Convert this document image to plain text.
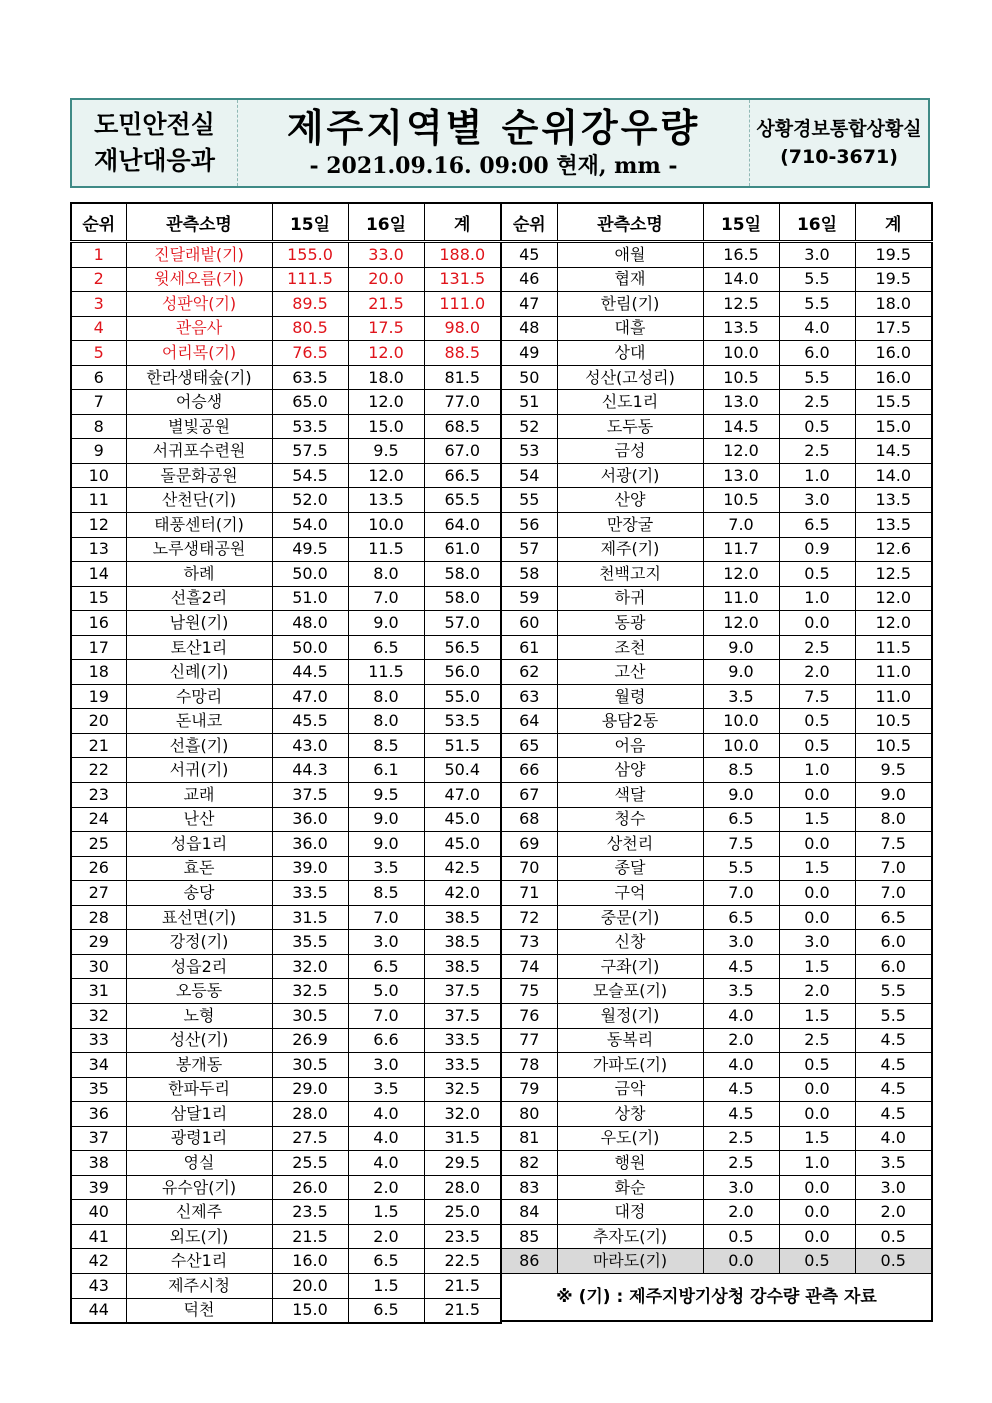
도민안전실
재난대응과
제주지역별 순위강우량
- 2021.09.16. 09:00 현재, mm -
상황경보통합상황실
(710-3671)
순위	관측소명	15일	16일	계
1	진달래밭(기)	155.0	33.0	188.0
2	윗세오름(기)	111.5	20.0	131.5
3	성판악(기)	89.5	21.5	111.0
4	관음사	80.5	17.5	98.0
5	어리목(기)	76.5	12.0	88.5
6	한라생태숲(기)	63.5	18.0	81.5
7	어승생	65.0	12.0	77.0
8	별빛공원	53.5	15.0	68.5
9	서귀포수련원	57.5	9.5	67.0
10	돌문화공원	54.5	12.0	66.5
11	산천단(기)	52.0	13.5	65.5
12	태풍센터(기)	54.0	10.0	64.0
13	노루생태공원	49.5	11.5	61.0
14	하례	50.0	8.0	58.0
15	선흘2리	51.0	7.0	58.0
16	남원(기)	48.0	9.0	57.0
17	토산1리	50.0	6.5	56.5
18	신례(기)	44.5	11.5	56.0
19	수망리	47.0	8.0	55.0
20	돈내코	45.5	8.0	53.5
21	선흘(기)	43.0	8.5	51.5
22	서귀(기)	44.3	6.1	50.4
23	교래	37.5	9.5	47.0
24	난산	36.0	9.0	45.0
25	성읍1리	36.0	9.0	45.0
26	효돈	39.0	3.5	42.5
27	송당	33.5	8.5	42.0
28	표선면(기)	31.5	7.0	38.5
29	강정(기)	35.5	3.0	38.5
30	성읍2리	32.0	6.5	38.5
31	오등동	32.5	5.0	37.5
32	노형	30.5	7.0	37.5
33	성산(기)	26.9	6.6	33.5
34	봉개동	30.5	3.0	33.5
35	한파두리	29.0	3.5	32.5
36	삼달1리	28.0	4.0	32.0
37	광령1리	27.5	4.0	31.5
38	영실	25.5	4.0	29.5
39	유수암(기)	26.0	2.0	28.0
40	신제주	23.5	1.5	25.0
41	외도(기)	21.5	2.0	23.5
42	수산1리	16.0	6.5	22.5
43	제주시청	20.0	1.5	21.5
44	덕천	15.0	6.5	21.5
순위	관측소명	15일	16일	계
45	애월	16.5	3.0	19.5
46	협재	14.0	5.5	19.5
47	한림(기)	12.5	5.5	18.0
48	대흘	13.5	4.0	17.5
49	상대	10.0	6.0	16.0
50	성산(고성리)	10.5	5.5	16.0
51	신도1리	13.0	2.5	15.5
52	도두동	14.5	0.5	15.0
53	금성	12.0	2.5	14.5
54	서광(기)	13.0	1.0	14.0
55	산양	10.5	3.0	13.5
56	만장굴	7.0	6.5	13.5
57	제주(기)	11.7	0.9	12.6
58	천백고지	12.0	0.5	12.5
59	하귀	11.0	1.0	12.0
60	동광	12.0	0.0	12.0
61	조천	9.0	2.5	11.5
62	고산	9.0	2.0	11.0
63	월령	3.5	7.5	11.0
64	용담2동	10.0	0.5	10.5
65	어음	10.0	0.5	10.5
66	삼양	8.5	1.0	9.5
67	색달	9.0	0.0	9.0
68	청수	6.5	1.5	8.0
69	상천리	7.5	0.0	7.5
70	종달	5.5	1.5	7.0
71	구억	7.0	0.0	7.0
72	중문(기)	6.5	0.0	6.5
73	신창	3.0	3.0	6.0
74	구좌(기)	4.5	1.5	6.0
75	모슬포(기)	3.5	2.0	5.5
76	월정(기)	4.0	1.5	5.5
77	동복리	2.0	2.5	4.5
78	가파도(기)	4.0	0.5	4.5
79	금악	4.5	0.0	4.5
80	상창	4.5	0.0	4.5
81	우도(기)	2.5	1.5	4.0
82	행원	2.5	1.0	3.5
83	화순	3.0	0.0	3.0
84	대정	2.0	0.0	2.0
85	추자도(기)	0.5	0.0	0.5
86	마라도(기)	0.0	0.5	0.5
※ (기) : 제주지방기상청 강수량 관측 자료				
